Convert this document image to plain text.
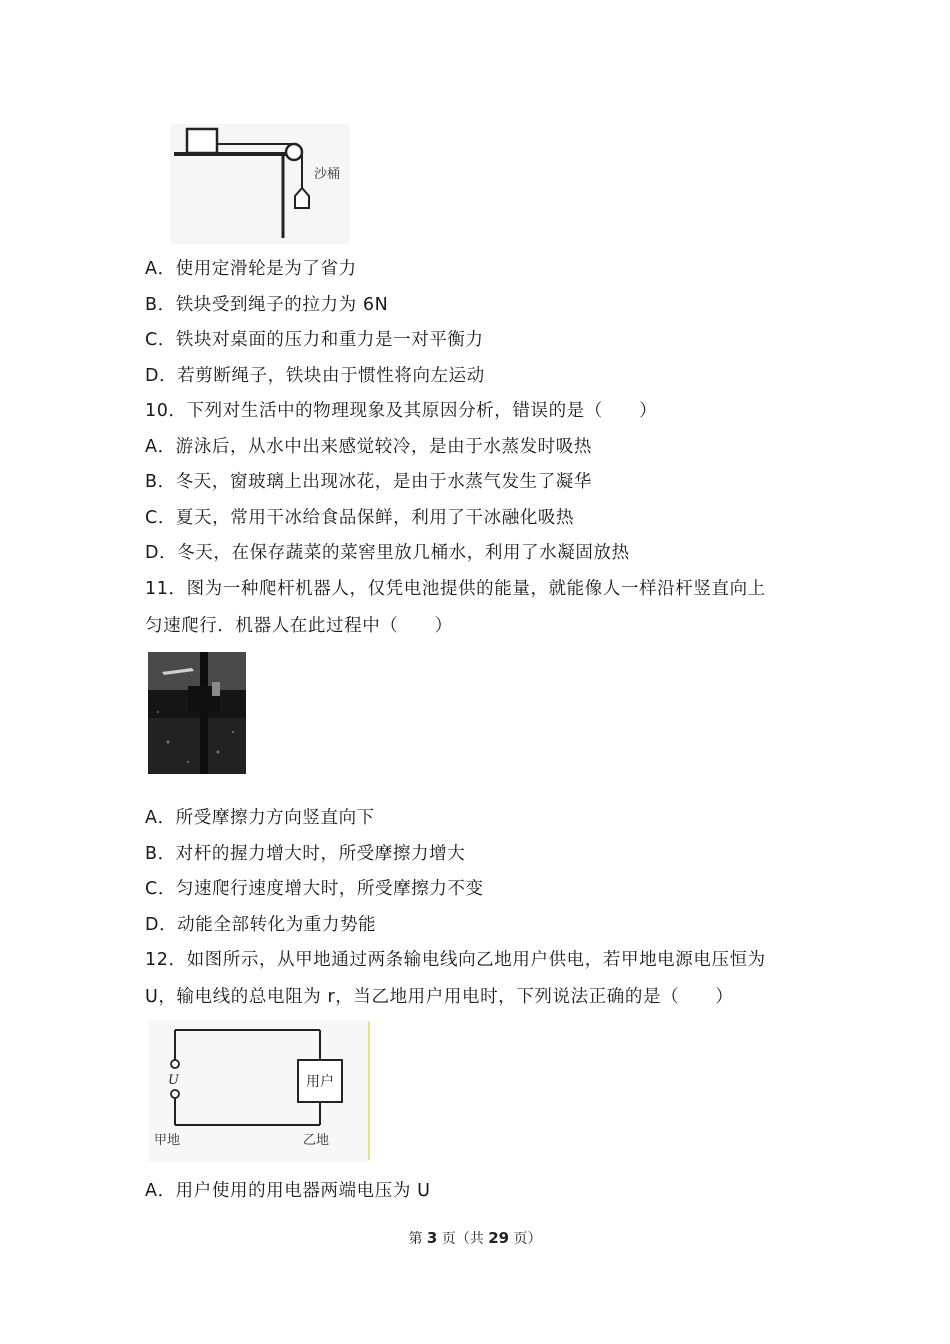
沙桶
A．使用定滑轮是为了省力
B．铁块受到绳子的拉力为 6N
C．铁块对桌面的压力和重力是一对平衡力
D．若剪断绳子，铁块由于惯性将向左运动
10．下列对生活中的物理现象及其原因分析，错误的是（　　）
A．游泳后，从水中出来感觉较冷，是由于水蒸发时吸热
B．冬天，窗玻璃上出现冰花，是由于水蒸气发生了凝华
C．夏天，常用干冰给食品保鲜，利用了干冰融化吸热
D．冬天，在保存蔬菜的菜窖里放几桶水，利用了水凝固放热
11．图为一种爬杆机器人，仅凭电池提供的能量，就能像人一样沿杆竖直向上
匀速爬行．机器人在此过程中（　　）
A．所受摩擦力方向竖直向下
B．对杆的握力增大时，所受摩擦力增大
C．匀速爬行速度增大时，所受摩擦力不变
D．动能全部转化为重力势能
12．如图所示，从甲地通过两条输电线向乙地用户供电，若甲地电源电压恒为
U，输电线的总电阻为 r，当乙地用户用电时，下列说法正确的是（　　）
U	用户
甲地	乙地
A．用户使用的用电器两端电压为 U
第 3 页（共 29 页）
